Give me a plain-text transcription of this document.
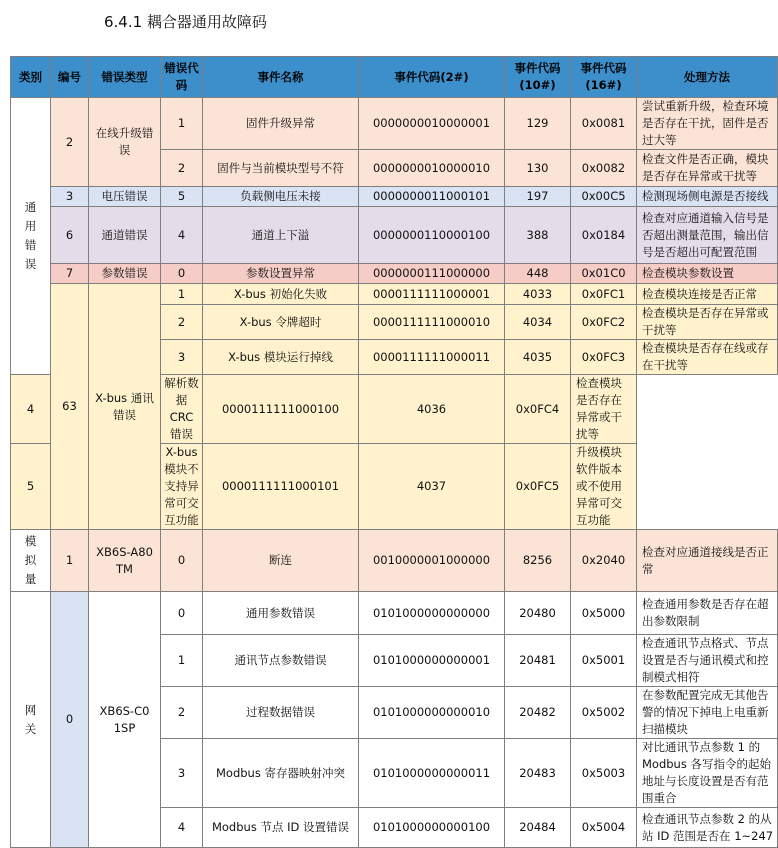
6.4.1 耦合器通用故障码
类别	编号	错误类型	错误代码	事件名称	事件代码(2#)	事件代码(10#)	事件代码(16#)	处理方法
通用错误	2	在线升级错误	1	固件升级异常	0000000010000001	129	0x0081	尝试重新升级，检查环境是否存在干扰，固件是否过大等
			2	固件与当前模块型号不符	0000000010000010	130	0x0082	检查文件是否正确，模块是否存在异常或干扰等
	3	电压错误	5	负载侧电压未接	0000000011000101	197	0x00C5	检测现场侧电源是否接线
	6	通道错误	4	通道上下溢	0000000110000100	388	0x0184	检查对应通道输入信号是否超出测量范围，输出信号是否超出可配置范围
	7	参数错误	0	参数设置异常	0000000111000000	448	0x01C0	检查模块参数设置
	63	X-bus 通讯错误	1	X-bus 初始化失败	0000111111000001	4033	0x0FC1	检查模块连接是否正常
			2	X-bus 令牌超时	0000111111000010	4034	0x0FC2	检查模块是否存在异常或干扰等
			3	X-bus 模块运行掉线	0000111111000011	4035	0x0FC3	检查模块是否存在线或存在干扰等
4			解析数据 CRC 错误	0000111111000100	4036	0x0FC4	检查模块是否存在异常或干扰等	
5			X-bus 模块不支持异常可交互功能	0000111111000101	4037	0x0FC5	升级模块软件版本或不使用异常可交互功能	
模拟量	1	XB6S-A80TM	0	断连	0010000001000000	8256	0x2040	检查对应通道接线是否正常
网关	0	XB6S-C01SP	0	通用参数错误	0101000000000000	20480	0x5000	检查通用参数是否存在超出参数限制
			1	通讯节点参数错误	0101000000000001	20481	0x5001	检查通讯节点格式、节点设置是否与通讯模式和控制模式相符
			2	过程数据错误	0101000000000010	20482	0x5002	在参数配置完成无其他告警的情况下掉电上电重新扫描模块
			3	Modbus 寄存器映射冲突	0101000000000011	20483	0x5003	对比通讯节点参数 1 的 Modbus 各写指令的起始地址与长度设置是否有范围重合
			4	Modbus 节点 ID 设置错误	0101000000000100	20484	0x5004	检查通讯节点参数 2 的从站 ID 范围是否在 1~247
